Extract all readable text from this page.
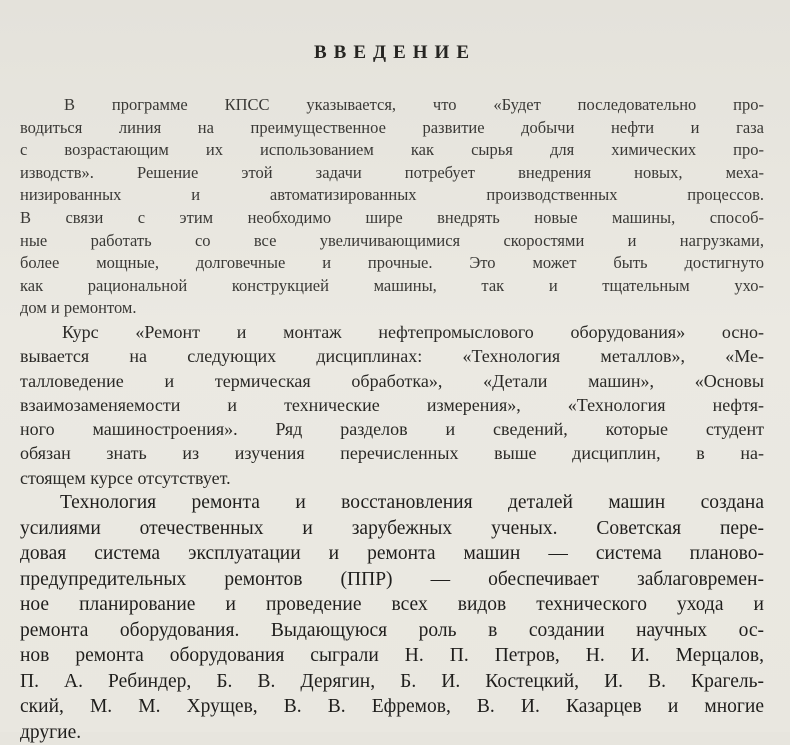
ВВЕДЕНИЕ
В программе КПСС указывается, что «Будет последовательно про-
водиться линия на преимущественное развитие добычи нефти и газа
с возрастающим их использованием как сырья для химических про-
изводств». Решение этой задачи потребует внедрения новых, меха-
низированных и автоматизированных производственных процессов.
В связи с этим необходимо шире внедрять новые машины, способ-
ные работать со все увеличивающимися скоростями и нагрузками,
более мощные, долговечные и прочные. Это может быть достигнуто
как рациональной конструкцией машины, так и тщательным ухо-
дом и ремонтом.
Курс «Ремонт и монтаж нефтепромыслового оборудования» осно-
вывается на следующих дисциплинах: «Технология металлов», «Ме-
талловедение и термическая обработка», «Детали машин», «Основы
взаимозаменяемости и технические измерения», «Технология нефтя-
ного машиностроения». Ряд разделов и сведений, которые студент
обязан знать из изучения перечисленных выше дисциплин, в на-
стоящем курсе отсутствует.
Технология ремонта и восстановления деталей машин создана
усилиями отечественных и зарубежных ученых. Советская пере-
довая система эксплуатации и ремонта машин — система планово-
предупредительных ремонтов (ППР) — обеспечивает заблаговремен-
ное планирование и проведение всех видов технического ухода и
ремонта оборудования. Выдающуюся роль в создании научных ос-
нов ремонта оборудования сыграли Н. П. Петров, Н. И. Мерцалов,
П. А. Ребиндер, Б. В. Дерягин, Б. И. Костецкий, И. В. Крагель-
ский, М. М. Хрущев, В. В. Ефремов, В. И. Казарцев и многие
другие.
